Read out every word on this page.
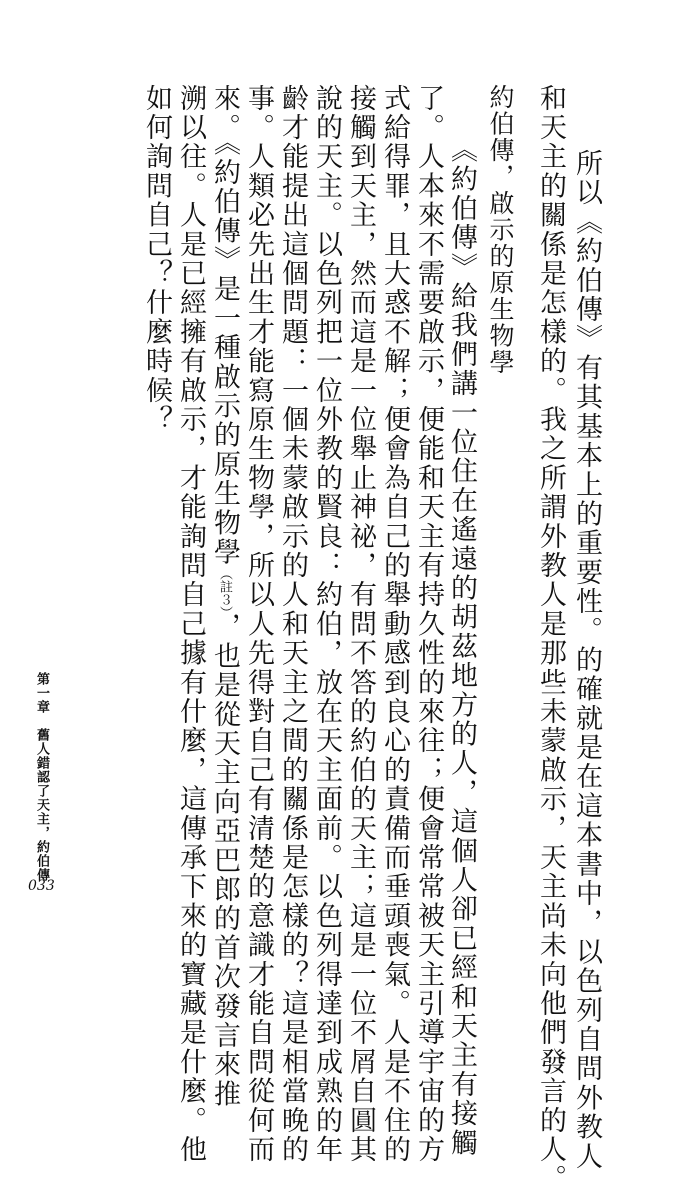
　所以《約伯傳》有其基本上的重要性。的確就是在這本書中，以色列自問外教人
和天主的關係是怎樣的。我之所謂外教人是那些未蒙啟示，天主尚未向他們發言的人。
約伯傳，啟示的原生物學
　《約伯傳》給我們講一位住在遙遠的胡茲地方的人，這個人卻已經和天主有接觸
了。人本來不需要啟示，便能和天主有持久性的來往；便會常常被天主引導宇宙的方
式給得罪，且大惑不解；便會為自己的舉動感到良心的責備而垂頭喪氣。人是不住的
接觸到天主，然而這是一位舉止神祕，有問不答的約伯的天主；這是一位不屑自圓其
說的天主。以色列把一位外教的賢良：約伯，放在天主面前。以色列得達到成熟的年
齡才能提出這個問題：一個未蒙啟示的人和天主之間的關係是怎樣的？這是相當晚的
事。人類必先出生才能寫原生物學，所以人先得對自己有清楚的意識才能自問從何而
來。《約伯傳》是一種啟示的原生物學（註３），也是從天主向亞巴郎的首次發言來推
溯以往。人是已經擁有啟示，才能詢問自己據有什麼，這傳承下來的寶藏是什麼。他
如何詢問自己？什麼時候？
第一章　舊人錯認了天主，約伯傳
033
